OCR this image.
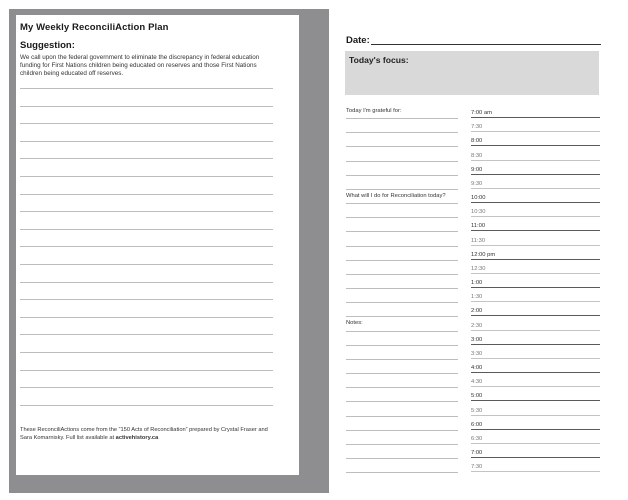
My Weekly ReconciliAction Plan
Suggestion:
We call upon the federal government to eliminate the discrepancy in federal education funding for First Nations children being educated on reserves and those First Nations children being educated off reserves.
These ReconciliActions come from the “150 Acts of Reconciliation” prepared by Crystal Fraser and Sara Komarnisky. Full list available at activehistory.ca
Date:
Today's focus:
Today I'm grateful for:
What will I do for Reconciliation today?
Notes:
7:00 am
7:30
8:00
8:30
9:00
9:30
10:00
10:30
11:00
11:30
12:00 pm
12:30
1:00
1:30
2:00
2:30
3:00
3:30
4:00
4:30
5:00
5:30
6:00
6:30
7:00
7:30
